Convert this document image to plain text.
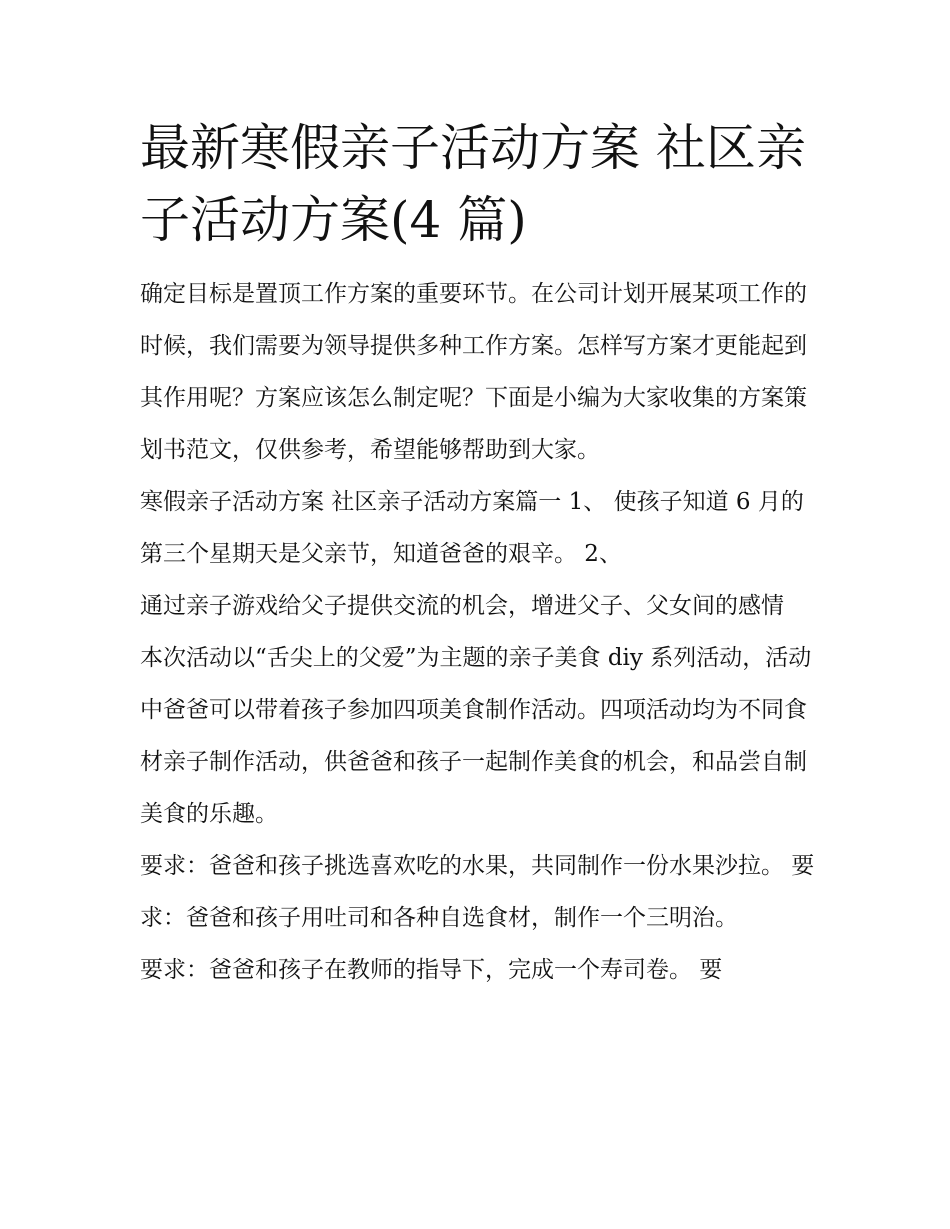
最新寒假亲子活动方案 社区亲子活动方案(4 篇)

确定目标是置顶工作方案的重要环节。在公司计划开展某项工作的时候，我们需要为领导提供多种工作方案。怎样写方案才更能起到其作用呢？方案应该怎么制定呢？下面是小编为大家收集的方案策划书范文，仅供参考，希望能够帮助到大家。

寒假亲子活动方案 社区亲子活动方案篇一 1、 使孩子知道 6 月的第三个星期天是父亲节，知道爸爸的艰辛。 2、

通过亲子游戏给父子提供交流的机会，增进父子、父女间的感情

本次活动以“舌尖上的父爱”为主题的亲子美食 diy 系列活动，活动中爸爸可以带着孩子参加四项美食制作活动。四项活动均为不同食材亲子制作活动，供爸爸和孩子一起制作美食的机会，和品尝自制美食的乐趣。

要求：爸爸和孩子挑选喜欢吃的水果，共同制作一份水果沙拉。 要求：爸爸和孩子用吐司和各种自选食材，制作一个三明治。

要求：爸爸和孩子在教师的指导下，完成一个寿司卷。 要
